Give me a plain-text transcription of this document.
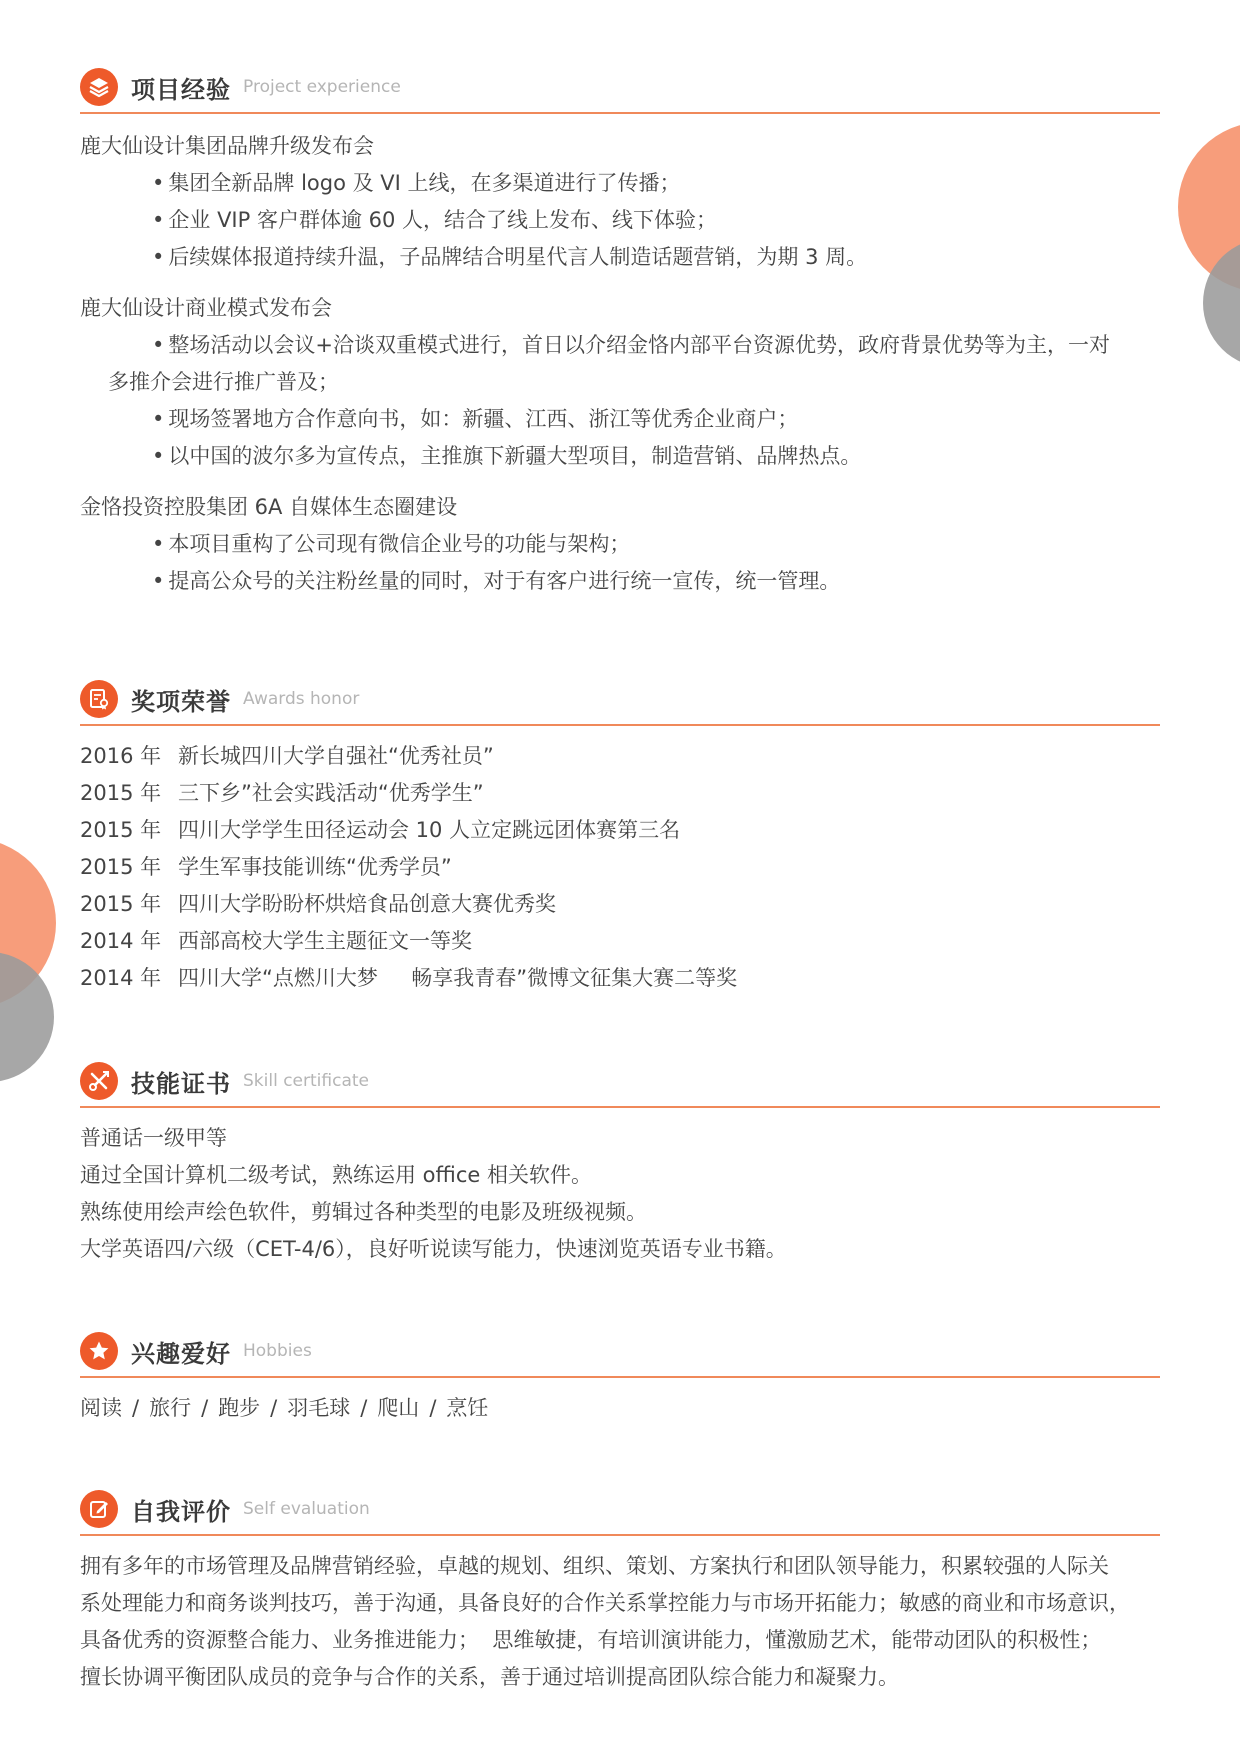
项目经验 Project experience
鹿大仙设计集团品牌升级发布会
• 集团全新品牌 logo 及 VI 上线，在多渠道进行了传播；
• 企业 VIP 客户群体逾 60 人，结合了线上发布、线下体验；
• 后续媒体报道持续升温，子品牌结合明星代言人制造话题营销，为期 3 周。
鹿大仙设计商业模式发布会
• 整场活动以会议+洽谈双重模式进行，首日以介绍金恪内部平台资源优势，政府背景优势等为主，一对
多推介会进行推广普及；
• 现场签署地方合作意向书，如：新疆、江西、浙江等优秀企业商户；
• 以中国的波尔多为宣传点，主推旗下新疆大型项目，制造营销、品牌热点。
金恪投资控股集团 6A 自媒体生态圈建设
• 本项目重构了公司现有微信企业号的功能与架构；
• 提高公众号的关注粉丝量的同时，对于有客户进行统一宣传，统一管理。
奖项荣誉 Awards honor
2016 年 新长城四川大学自强社“优秀社员”
2015 年 三下乡”社会实践活动“优秀学生”
2015 年 四川大学学生田径运动会 10 人立定跳远团体赛第三名
2015 年 学生军事技能训练“优秀学员”
2015 年 四川大学盼盼杯烘焙食品创意大赛优秀奖
2014 年 西部高校大学生主题征文一等奖
2014 年 四川大学“点燃川大梦     畅享我青春”微博文征集大赛二等奖
技能证书 Skill certificate
普通话一级甲等
通过全国计算机二级考试，熟练运用 office 相关软件。
熟练使用绘声绘色软件，剪辑过各种类型的电影及班级视频。
大学英语四/六级（CET-4/6），良好听说读写能力，快速浏览英语专业书籍。
兴趣爱好 Hobbies
阅读 / 旅行 / 跑步 / 羽毛球 / 爬山 / 烹饪
自我评价 Self evaluation
拥有多年的市场管理及品牌营销经验，卓越的规划、组织、策划、方案执行和团队领导能力，积累较强的人际关
系处理能力和商务谈判技巧，善于沟通，具备良好的合作关系掌控能力与市场开拓能力；敏感的商业和市场意识，
具备优秀的资源整合能力、业务推进能力；  思维敏捷，有培训演讲能力，懂激励艺术，能带动团队的积极性；
擅长协调平衡团队成员的竞争与合作的关系，善于通过培训提高团队综合能力和凝聚力。
